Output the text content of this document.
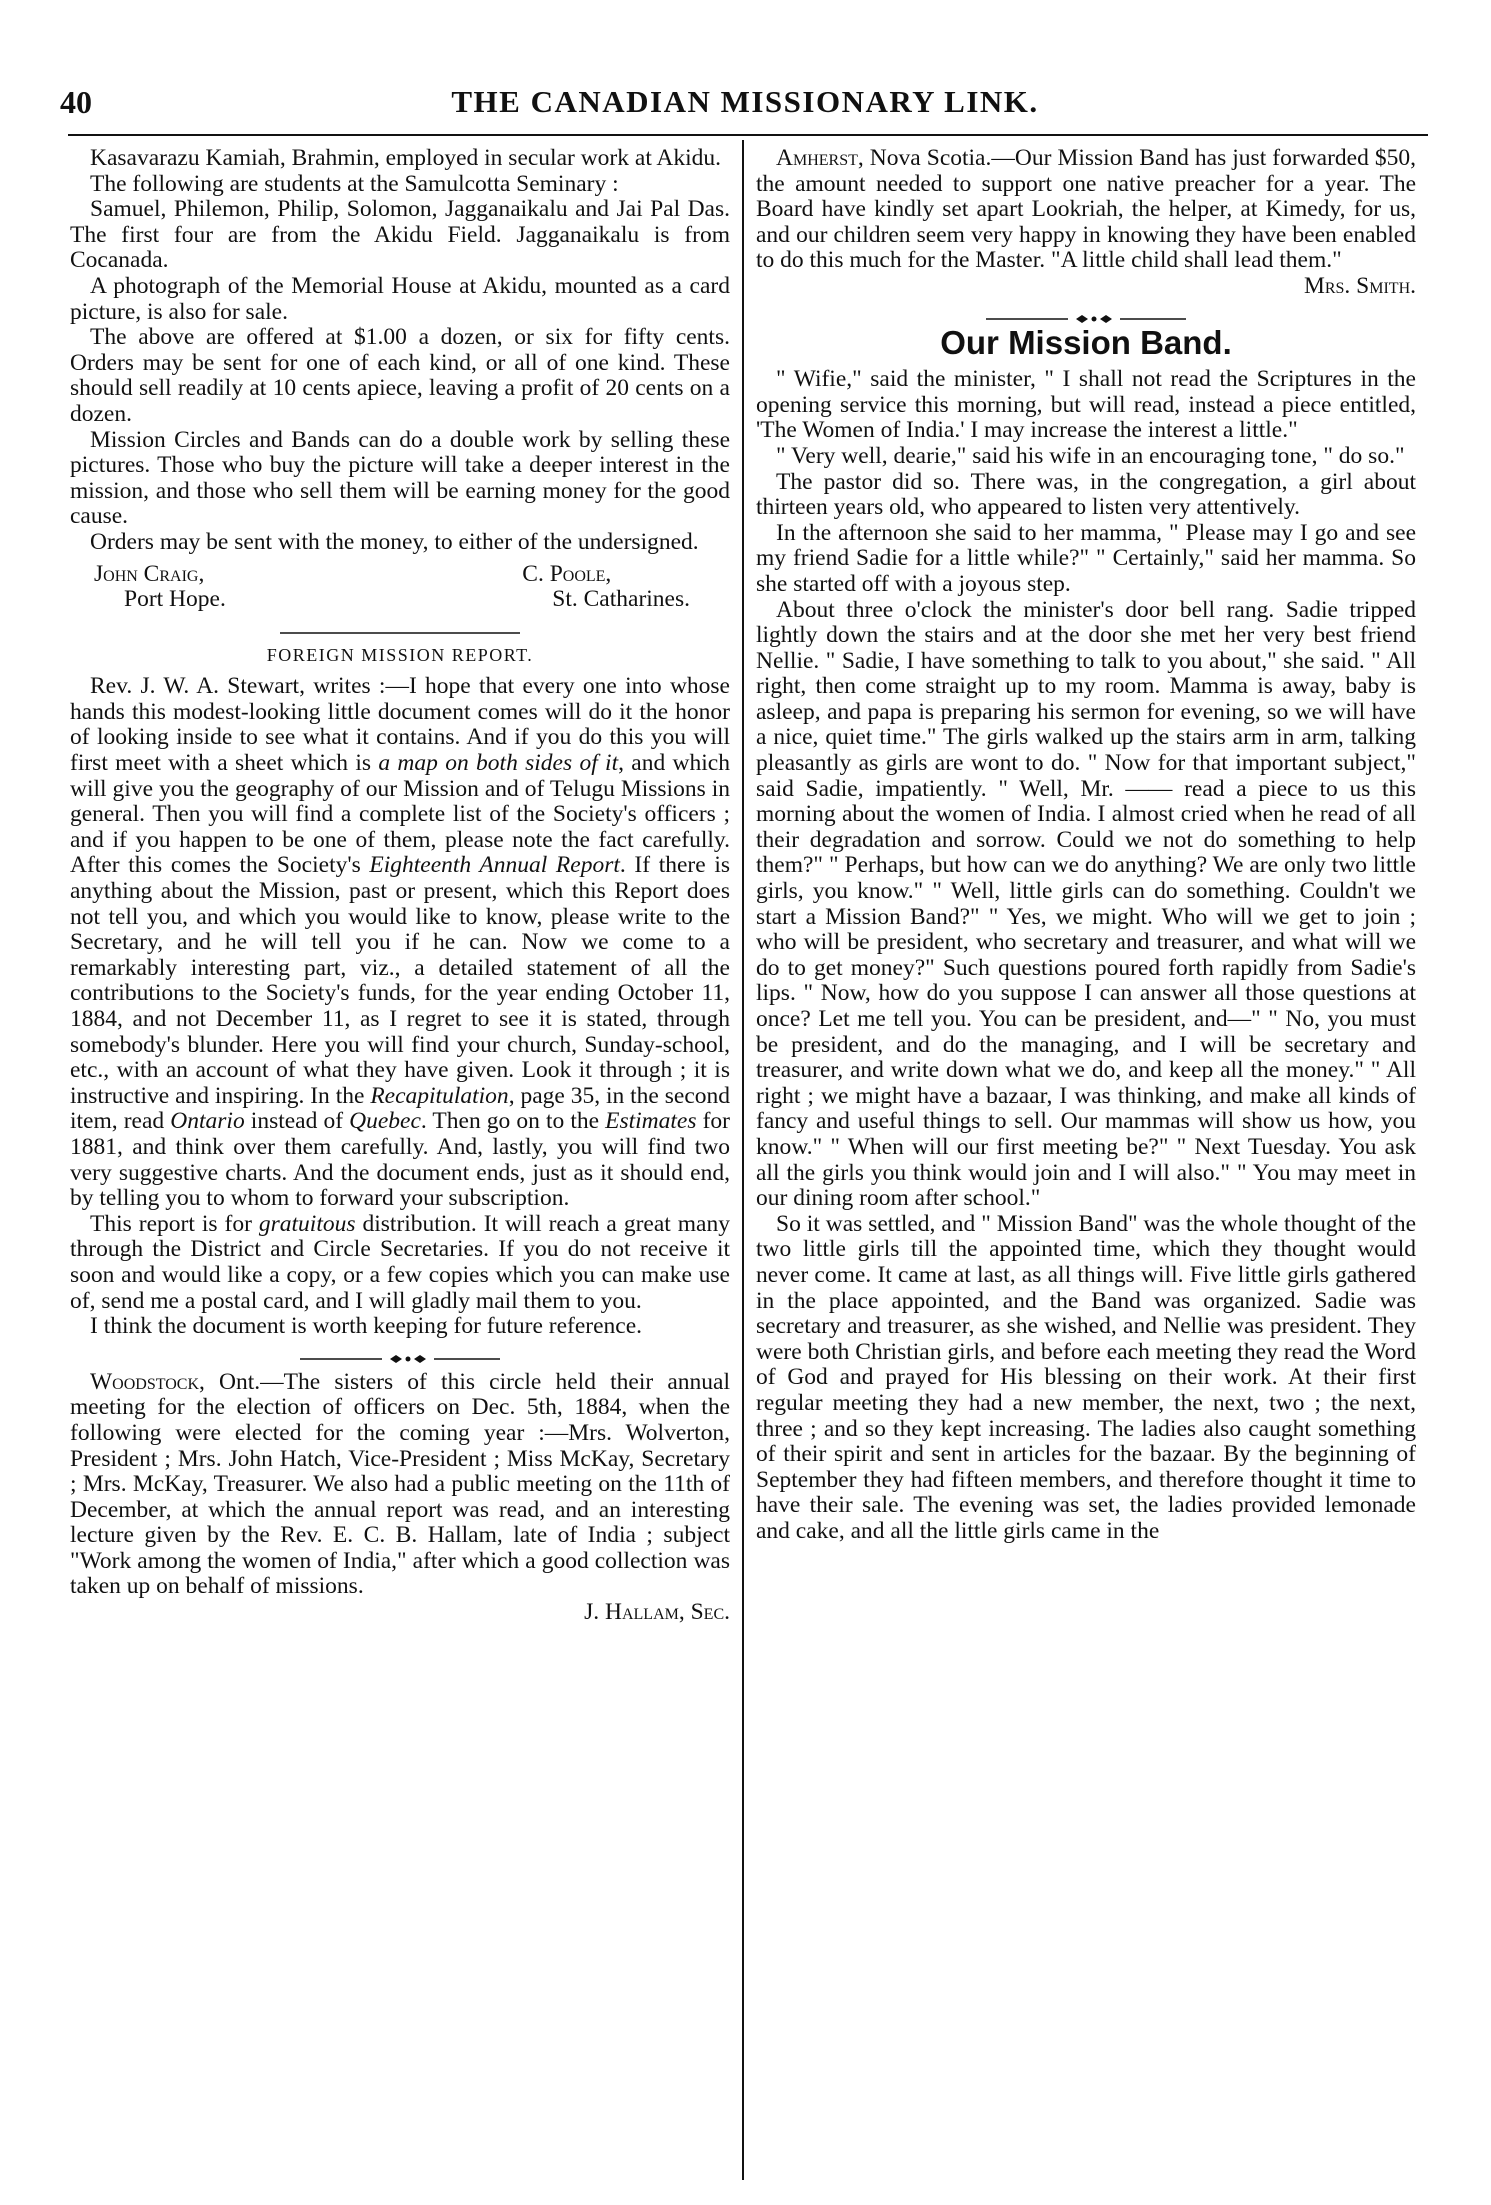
40	THE CANADIAN MISSIONARY LINK.

Kasavarazu Kamiah, Brahmin, employed in secular work at Akidu.

The following are students at the Samulcotta Seminary :

Samuel, Philemon, Philip, Solomon, Jagganaikalu and Jai Pal Das. The first four are from the Akidu Field. Jagganaikalu is from Cocanada.

A photograph of the Memorial House at Akidu, mounted as a card picture, is also for sale.

The above are offered at $1.00 a dozen, or six for fifty cents. Orders may be sent for one of each kind, or all of one kind. These should sell readily at 10 cents apiece, leaving a profit of 20 cents on a dozen.

Mission Circles and Bands can do a double work by selling these pictures. Those who buy the picture will take a deeper interest in the mission, and those who sell them will be earning money for the good cause.

Orders may be sent with the money, to either of the undersigned.

John Craig,
Port Hope.
C. Poole,
St. Catharines.
FOREIGN MISSION REPORT.

Rev. J. W. A. Stewart, writes :—I hope that every one into whose hands this modest-looking little document comes will do it the honor of looking inside to see what it contains. And if you do this you will first meet with a sheet which is a map on both sides of it, and which will give you the geography of our Mission and of Telugu Missions in general. Then you will find a complete list of the Society's officers ; and if you happen to be one of them, please note the fact carefully. After this comes the Society's Eighteenth Annual Report. If there is anything about the Mission, past or present, which this Report does not tell you, and which you would like to know, please write to the Secretary, and he will tell you if he can. Now we come to a remarkably interesting part, viz., a detailed statement of all the contributions to the Society's funds, for the year ending October 11, 1884, and not December 11, as I regret to see it is stated, through somebody's blunder. Here you will find your church, Sunday-school, etc., with an account of what they have given. Look it through ; it is instructive and inspiring. In the Recapitulation, page 35, in the second item, read Ontario instead of Quebec. Then go on to the Estimates for 1881, and think over them carefully. And, lastly, you will find two very suggestive charts. And the document ends, just as it should end, by telling you to whom to forward your subscription.

This report is for gratuitous distribution. It will reach a great many through the District and Circle Secretaries. If you do not receive it soon and would like a copy, or a few copies which you can make use of, send me a postal card, and I will gladly mail them to you.

I think the document is worth keeping for future reference.

Woodstock, Ont.—The sisters of this circle held their annual meeting for the election of officers on Dec. 5th, 1884, when the following were elected for the coming year :—Mrs. Wolverton, President ; Mrs. John Hatch, Vice-President ; Miss McKay, Secretary ; Mrs. McKay, Treasurer. We also had a public meeting on the 11th of December, at which the annual report was read, and an interesting lecture given by the Rev. E. C. B. Hallam, late of India ; subject "Work among the women of India," after which a good collection was taken up on behalf of missions.

J. Hallam, Sec.

Amherst, Nova Scotia.—Our Mission Band has just forwarded $50, the amount needed to support one native preacher for a year. The Board have kindly set apart Lookriah, the helper, at Kimedy, for us, and our children seem very happy in knowing they have been enabled to do this much for the Master. "A little child shall lead them."

Mrs. Smith.
Our Mission Band.

" Wifie," said the minister, " I shall not read the Scriptures in the opening service this morning, but will read, instead a piece entitled, 'The Women of India.' I may increase the interest a little."

" Very well, dearie," said his wife in an encouraging tone, " do so."

The pastor did so. There was, in the congregation, a girl about thirteen years old, who appeared to listen very attentively.

In the afternoon she said to her mamma, " Please may I go and see my friend Sadie for a little while?" " Certainly," said her mamma. So she started off with a joyous step.

About three o'clock the minister's door bell rang. Sadie tripped lightly down the stairs and at the door she met her very best friend Nellie. " Sadie, I have something to talk to you about," she said. " All right, then come straight up to my room. Mamma is away, baby is asleep, and papa is preparing his sermon for evening, so we will have a nice, quiet time." The girls walked up the stairs arm in arm, talking pleasantly as girls are wont to do. " Now for that important subject," said Sadie, impatiently. " Well, Mr. —— read a piece to us this morning about the women of India. I almost cried when he read of all their degradation and sorrow. Could we not do something to help them?" " Perhaps, but how can we do anything? We are only two little girls, you know." " Well, little girls can do something. Couldn't we start a Mission Band?" " Yes, we might. Who will we get to join ; who will be president, who secretary and treasurer, and what will we do to get money?" Such questions poured forth rapidly from Sadie's lips. " Now, how do you suppose I can answer all those questions at once? Let me tell you. You can be president, and—" " No, you must be president, and do the managing, and I will be secretary and treasurer, and write down what we do, and keep all the money." " All right ; we might have a bazaar, I was thinking, and make all kinds of fancy and useful things to sell. Our mammas will show us how, you know." " When will our first meeting be?" " Next Tuesday. You ask all the girls you think would join and I will also." " You may meet in our dining room after school."

So it was settled, and " Mission Band" was the whole thought of the two little girls till the appointed time, which they thought would never come. It came at last, as all things will. Five little girls gathered in the place appointed, and the Band was organized. Sadie was secretary and treasurer, as she wished, and Nellie was president. They were both Christian girls, and before each meeting they read the Word of God and prayed for His blessing on their work. At their first regular meeting they had a new member, the next, two ; the next, three ; and so they kept increasing. The ladies also caught something of their spirit and sent in articles for the bazaar. By the beginning of September they had fifteen members, and therefore thought it time to have their sale. The evening was set, the ladies provided lemonade and cake, and all the little girls came in the
